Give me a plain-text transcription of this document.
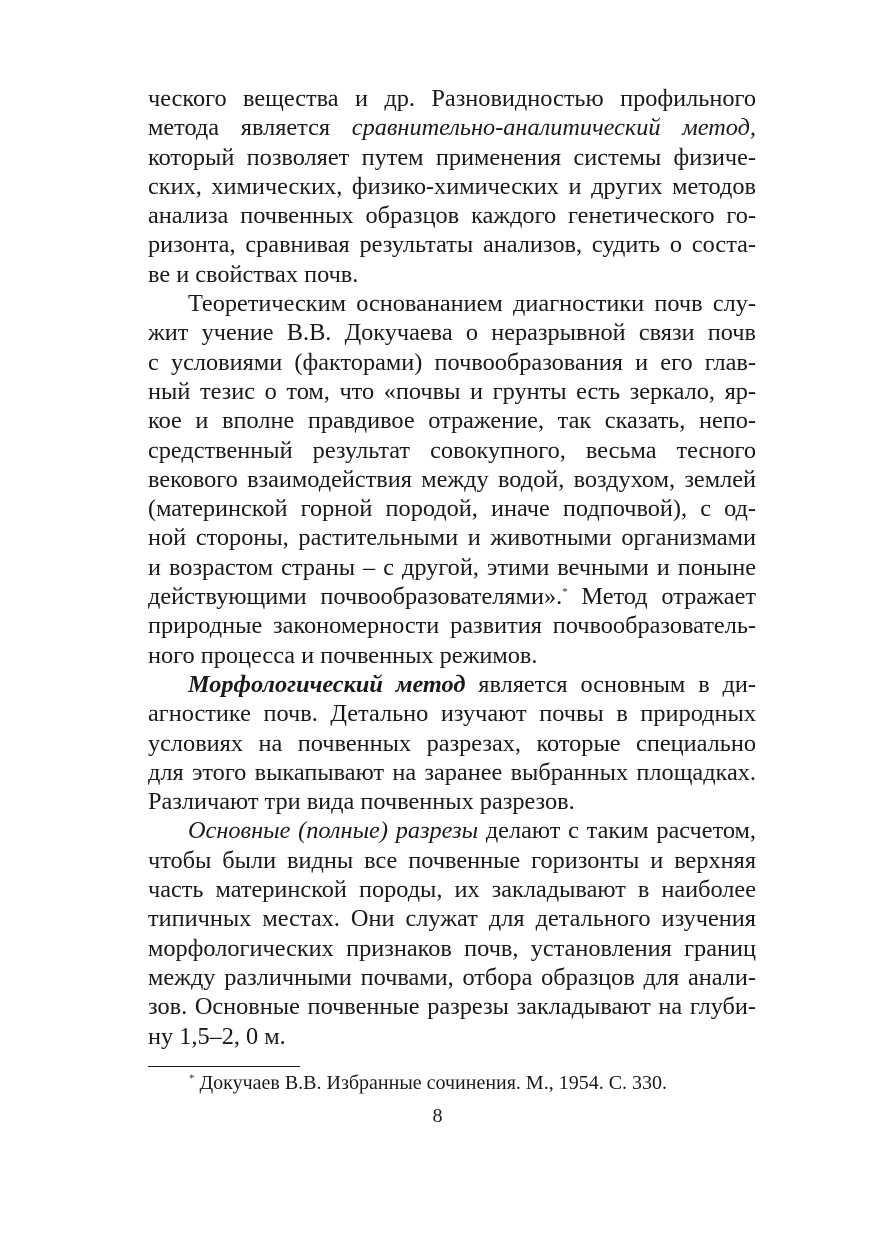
ческого вещества и др. Разновидностью профильного
метода является сравнительно-аналитический метод,
который позволяет путем применения системы физиче-
ских, химических, физико-химических и других методов
анализа почвенных образцов каждого генетического го-
ризонта, сравнивая результаты анализов, судить о соста-
ве и свойствах почв.
Теоретическим основананием диагностики почв слу-
жит учение В.В. Докучаева о неразрывной связи почв
с условиями (факторами) почвообразования и его глав-
ный тезис о том, что «почвы и грунты есть зеркало, яр-
кое и вполне правдивое отражение, так сказать, непо-
средственный результат совокупного, весьма тесного
векового взаимодействия между водой, воздухом, землей
(материнской горной породой, иначе подпочвой), с од-
ной стороны, растительными и животными организмами
и возрастом страны – с другой, этими вечными и поныне
действующими почвообразователями».* Метод отражает
природные закономерности развития почвообразователь-
ного процесса и почвенных режимов.
Морфологический метод является основным в ди-
агностике почв. Детально изучают почвы в природных
условиях на почвенных разрезах, которые специально
для этого выкапывают на заранее выбранных площадках.
Различают три вида почвенных разрезов.
Основные (полные) разрезы делают с таким расчетом,
чтобы были видны все почвенные горизонты и верхняя
часть материнской породы, их закладывают в наиболее
типичных местах. Они служат для детального изучения
морфологических признаков почв, установления границ
между различными почвами, отбора образцов для анали-
зов. Основные почвенные разрезы закладывают на глуби-
ну 1,5–2, 0 м.
* Докучаев В.В. Избранные сочинения. М., 1954. С. 330.
8
